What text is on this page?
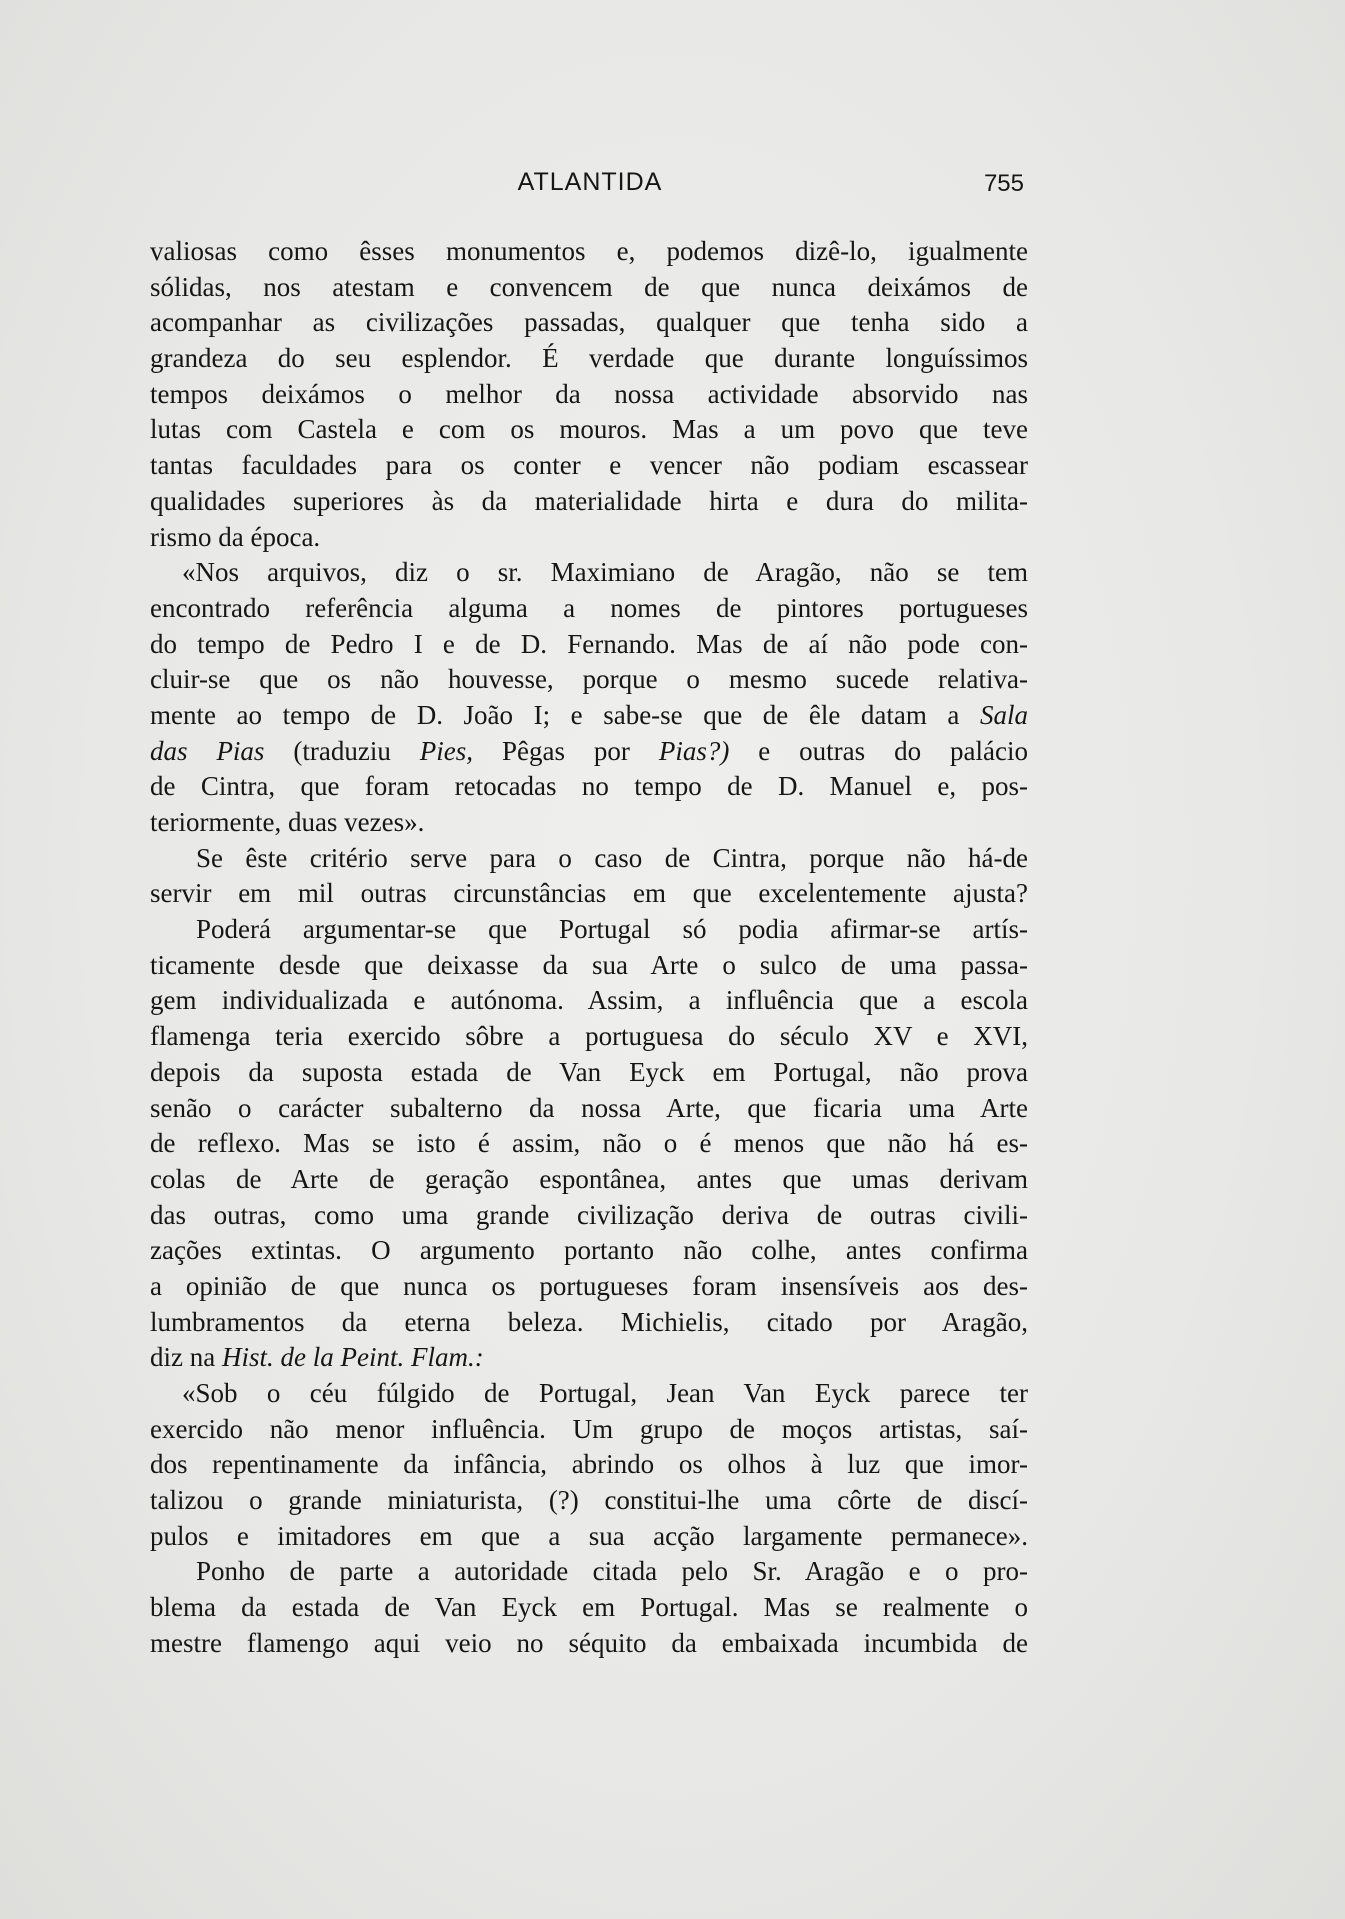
ATLANTIDA	755
valiosas como êsses monumentos e, podemos dizê-lo, igualmente
sólidas, nos atestam e convencem de que nunca deixámos de
acompanhar as civilizações passadas, qualquer que tenha sido a
grandeza do seu esplendor. É verdade que durante longuíssimos
tempos deixámos o melhor da nossa actividade absorvido nas
lutas com Castela e com os mouros. Mas a um povo que teve
tantas faculdades para os conter e vencer não podiam escassear
qualidades superiores às da materialidade hirta e dura do milita-
rismo da época.
«Nos arquivos, diz o sr. Maximiano de Aragão, não se tem
encontrado referência alguma a nomes de pintores portugueses
do tempo de Pedro I e de D. Fernando. Mas de aí não pode con-
cluir-se que os não houvesse, porque o mesmo sucede relativa-
mente ao tempo de D. João I; e sabe-se que de êle datam a Sala
das Pias (traduziu Pies, Pêgas por Pias?) e outras do palácio
de Cintra, que foram retocadas no tempo de D. Manuel e, pos-
teriormente, duas vezes».
Se êste critério serve para o caso de Cintra, porque não há-de
servir em mil outras circunstâncias em que excelentemente ajusta?
Poderá argumentar-se que Portugal só podia afirmar-se artís-
ticamente desde que deixasse da sua Arte o sulco de uma passa-
gem individualizada e autónoma. Assim, a influência que a escola
flamenga teria exercido sôbre a portuguesa do século XV e XVI,
depois da suposta estada de Van Eyck em Portugal, não prova
senão o carácter subalterno da nossa Arte, que ficaria uma Arte
de reflexo. Mas se isto é assim, não o é menos que não há es-
colas de Arte de geração espontânea, antes que umas derivam
das outras, como uma grande civilização deriva de outras civili-
zações extintas. O argumento portanto não colhe, antes confirma
a opinião de que nunca os portugueses foram insensíveis aos des-
lumbramentos da eterna beleza. Michielis, citado por Aragão,
diz na Hist. de la Peint. Flam.:
«Sob o céu fúlgido de Portugal, Jean Van Eyck parece ter
exercido não menor influência. Um grupo de moços artistas, saí-
dos repentinamente da infância, abrindo os olhos à luz que imor-
talizou o grande miniaturista, (?) constitui-lhe uma côrte de discí-
pulos e imitadores em que a sua acção largamente permanece».
Ponho de parte a autoridade citada pelo Sr. Aragão e o pro-
blema da estada de Van Eyck em Portugal. Mas se realmente o
mestre flamengo aqui veio no séquito da embaixada incumbida de
